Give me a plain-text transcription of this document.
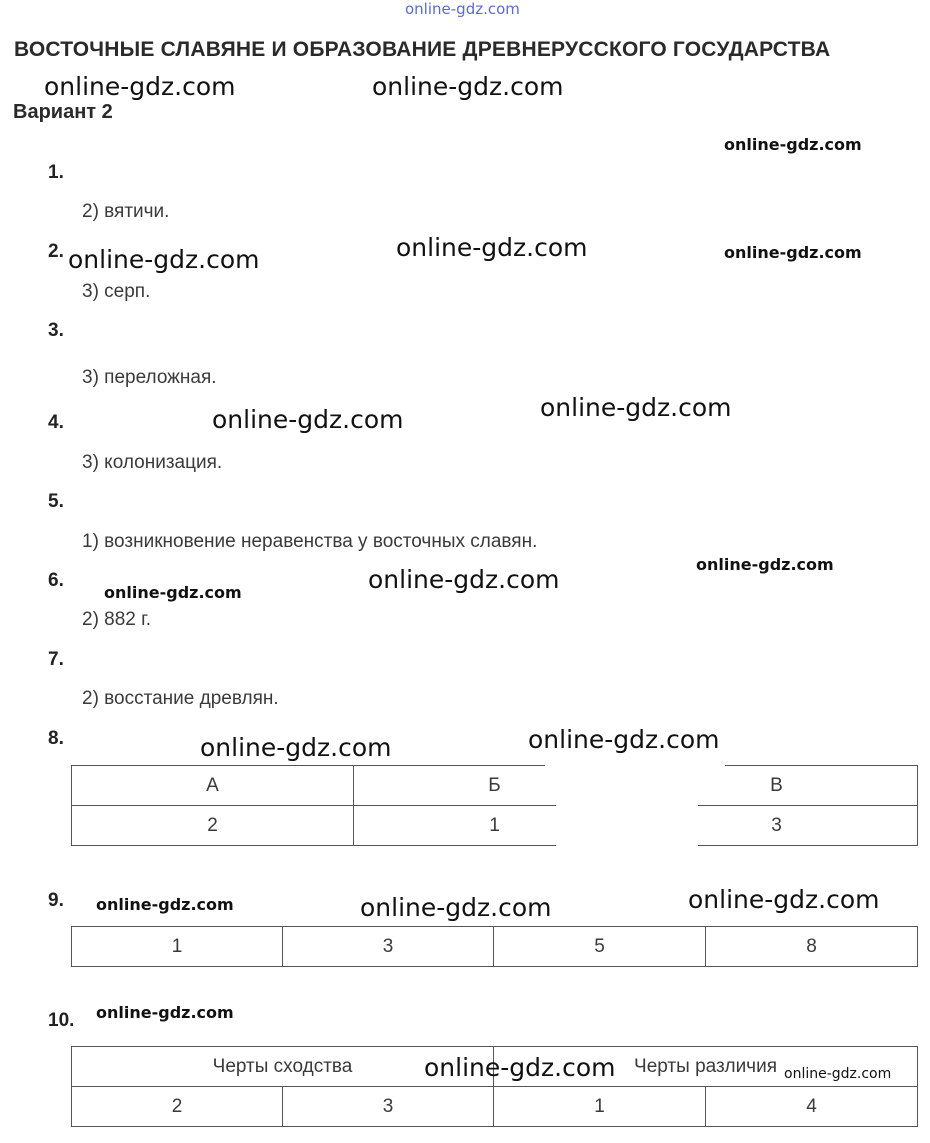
online-gdz.com
ВОСТОЧНЫЕ СЛАВЯНЕ И ОБРАЗОВАНИЕ ДРЕВНЕРУССКОГО ГОСУДАРСТВА
Вариант 2
1.
2) вятичи.
2.
3) серп.
3.
3) переложная.
4.
3) колонизация.
5.
1) возникновение неравенства у восточных славян.
6.
2) 882 г.
7.
2) восстание древлян.
8.
А	Б	В
2	1	3
9.
1	3	5	8
10.
Черты сходства		Черты различия	
2	3	1	4
online-gdz.com	online-gdz.com
online-gdz.com
online-gdz.com	online-gdz.com	online-gdz.com
online-gdz.com	online-gdz.com
online-gdz.com
online-gdz.com	online-gdz.com
online-gdz.com	online-gdz.com
online-gdz.com	online-gdz.com	online-gdz.com
online-gdz.com
online-gdz.com	online-gdz.com
